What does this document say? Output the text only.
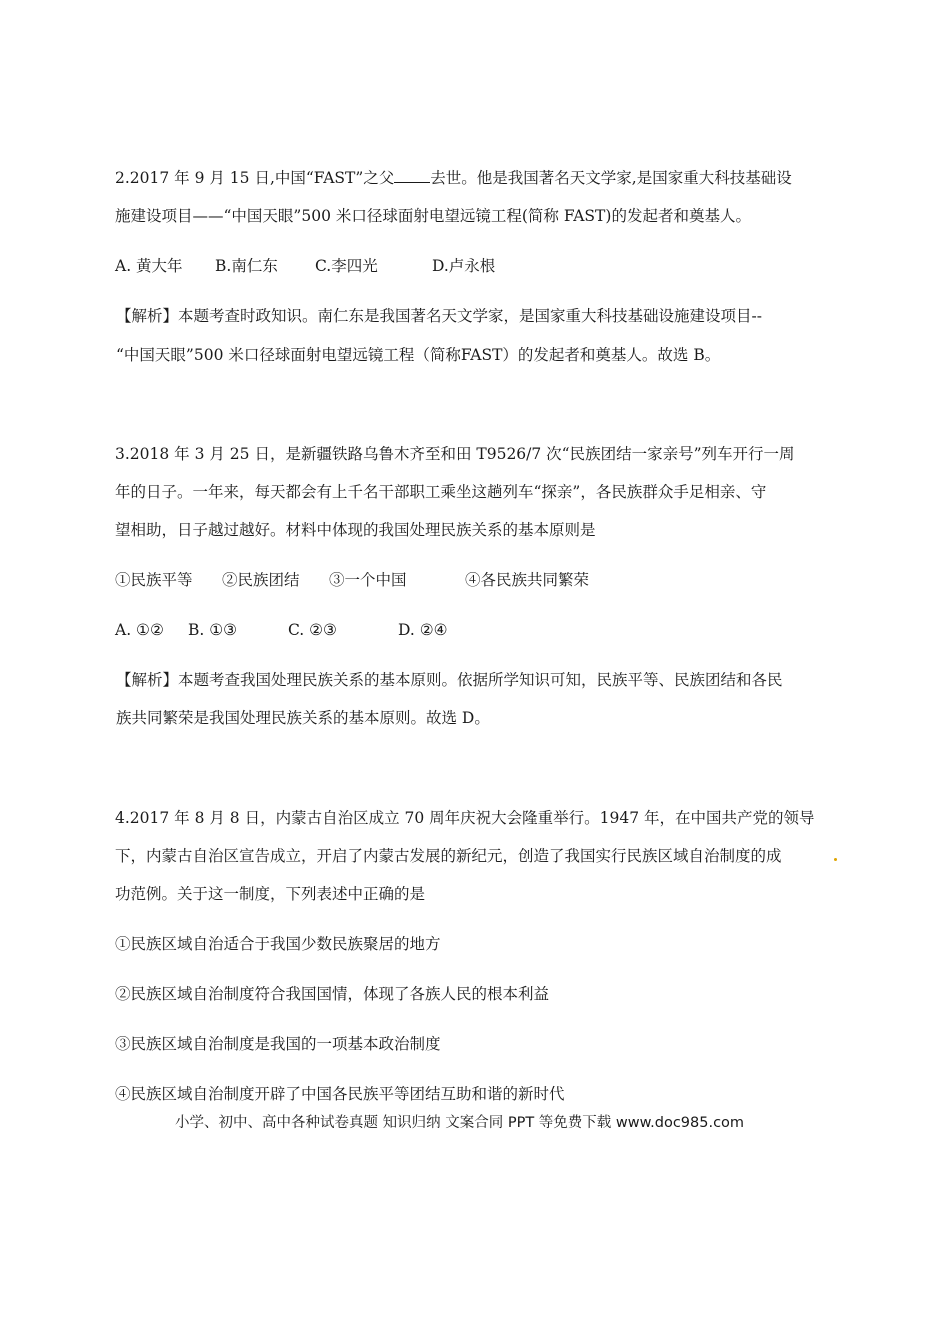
2.2017 年 9 月 15 日,中国“FAST”之父 去世。他是我国著名天文学家,是国家重大科技基础设
施建设项目——“中国天眼”500 米口径球面射电望远镜工程(简称 FAST)的发起者和奠基人。
A. 黄大年 B.南仁东 C.李四光	D.卢永根
【解析】本题考查时政知识。南仁东是我国著名天文学家，是国家重大科技基础设施建设项目--
“中国天眼”500 米口径球面射电望远镜工程（简称FAST）的发起者和奠基人。故选 B。
3.2018 年 3 月 25 日，是新疆铁路乌鲁木齐至和田 T9526/7 次“民族团结一家亲号”列车开行一周
年的日子。一年来，每天都会有上千名干部职工乘坐这趟列车“探亲”，各民族群众手足相亲、守
望相助，日子越过越好。材料中体现的我国处理民族关系的基本原则是
①民族平等 ②民族团结 ③一个中国	④各民族共同繁荣
A. ①② B. ①③	C. ②③	D. ②④
【解析】本题考查我国处理民族关系的基本原则。依据所学知识可知，民族平等、民族团结和各民
族共同繁荣是我国处理民族关系的基本原则。故选 D。
4.2017 年 8 月 8 日，内蒙古自治区成立 70 周年庆祝大会隆重举行。1947 年，在中国共产党的领导
下，内蒙古自治区宣告成立，开启了内蒙古发展的新纪元，创造了我国实行民族区域自治制度的成
功范例。关于这一制度，下列表述中正确的是
①民族区域自治适合于我国少数民族聚居的地方
②民族区域自治制度符合我国国情，体现了各族人民的根本利益
③民族区域自治制度是我国的一项基本政治制度
④民族区域自治制度开辟了中国各民族平等团结互助和谐的新时代
小学、初中、高中各种试卷真题 知识归纳 文案合同 PPT 等免费下载 www.doc985.com
